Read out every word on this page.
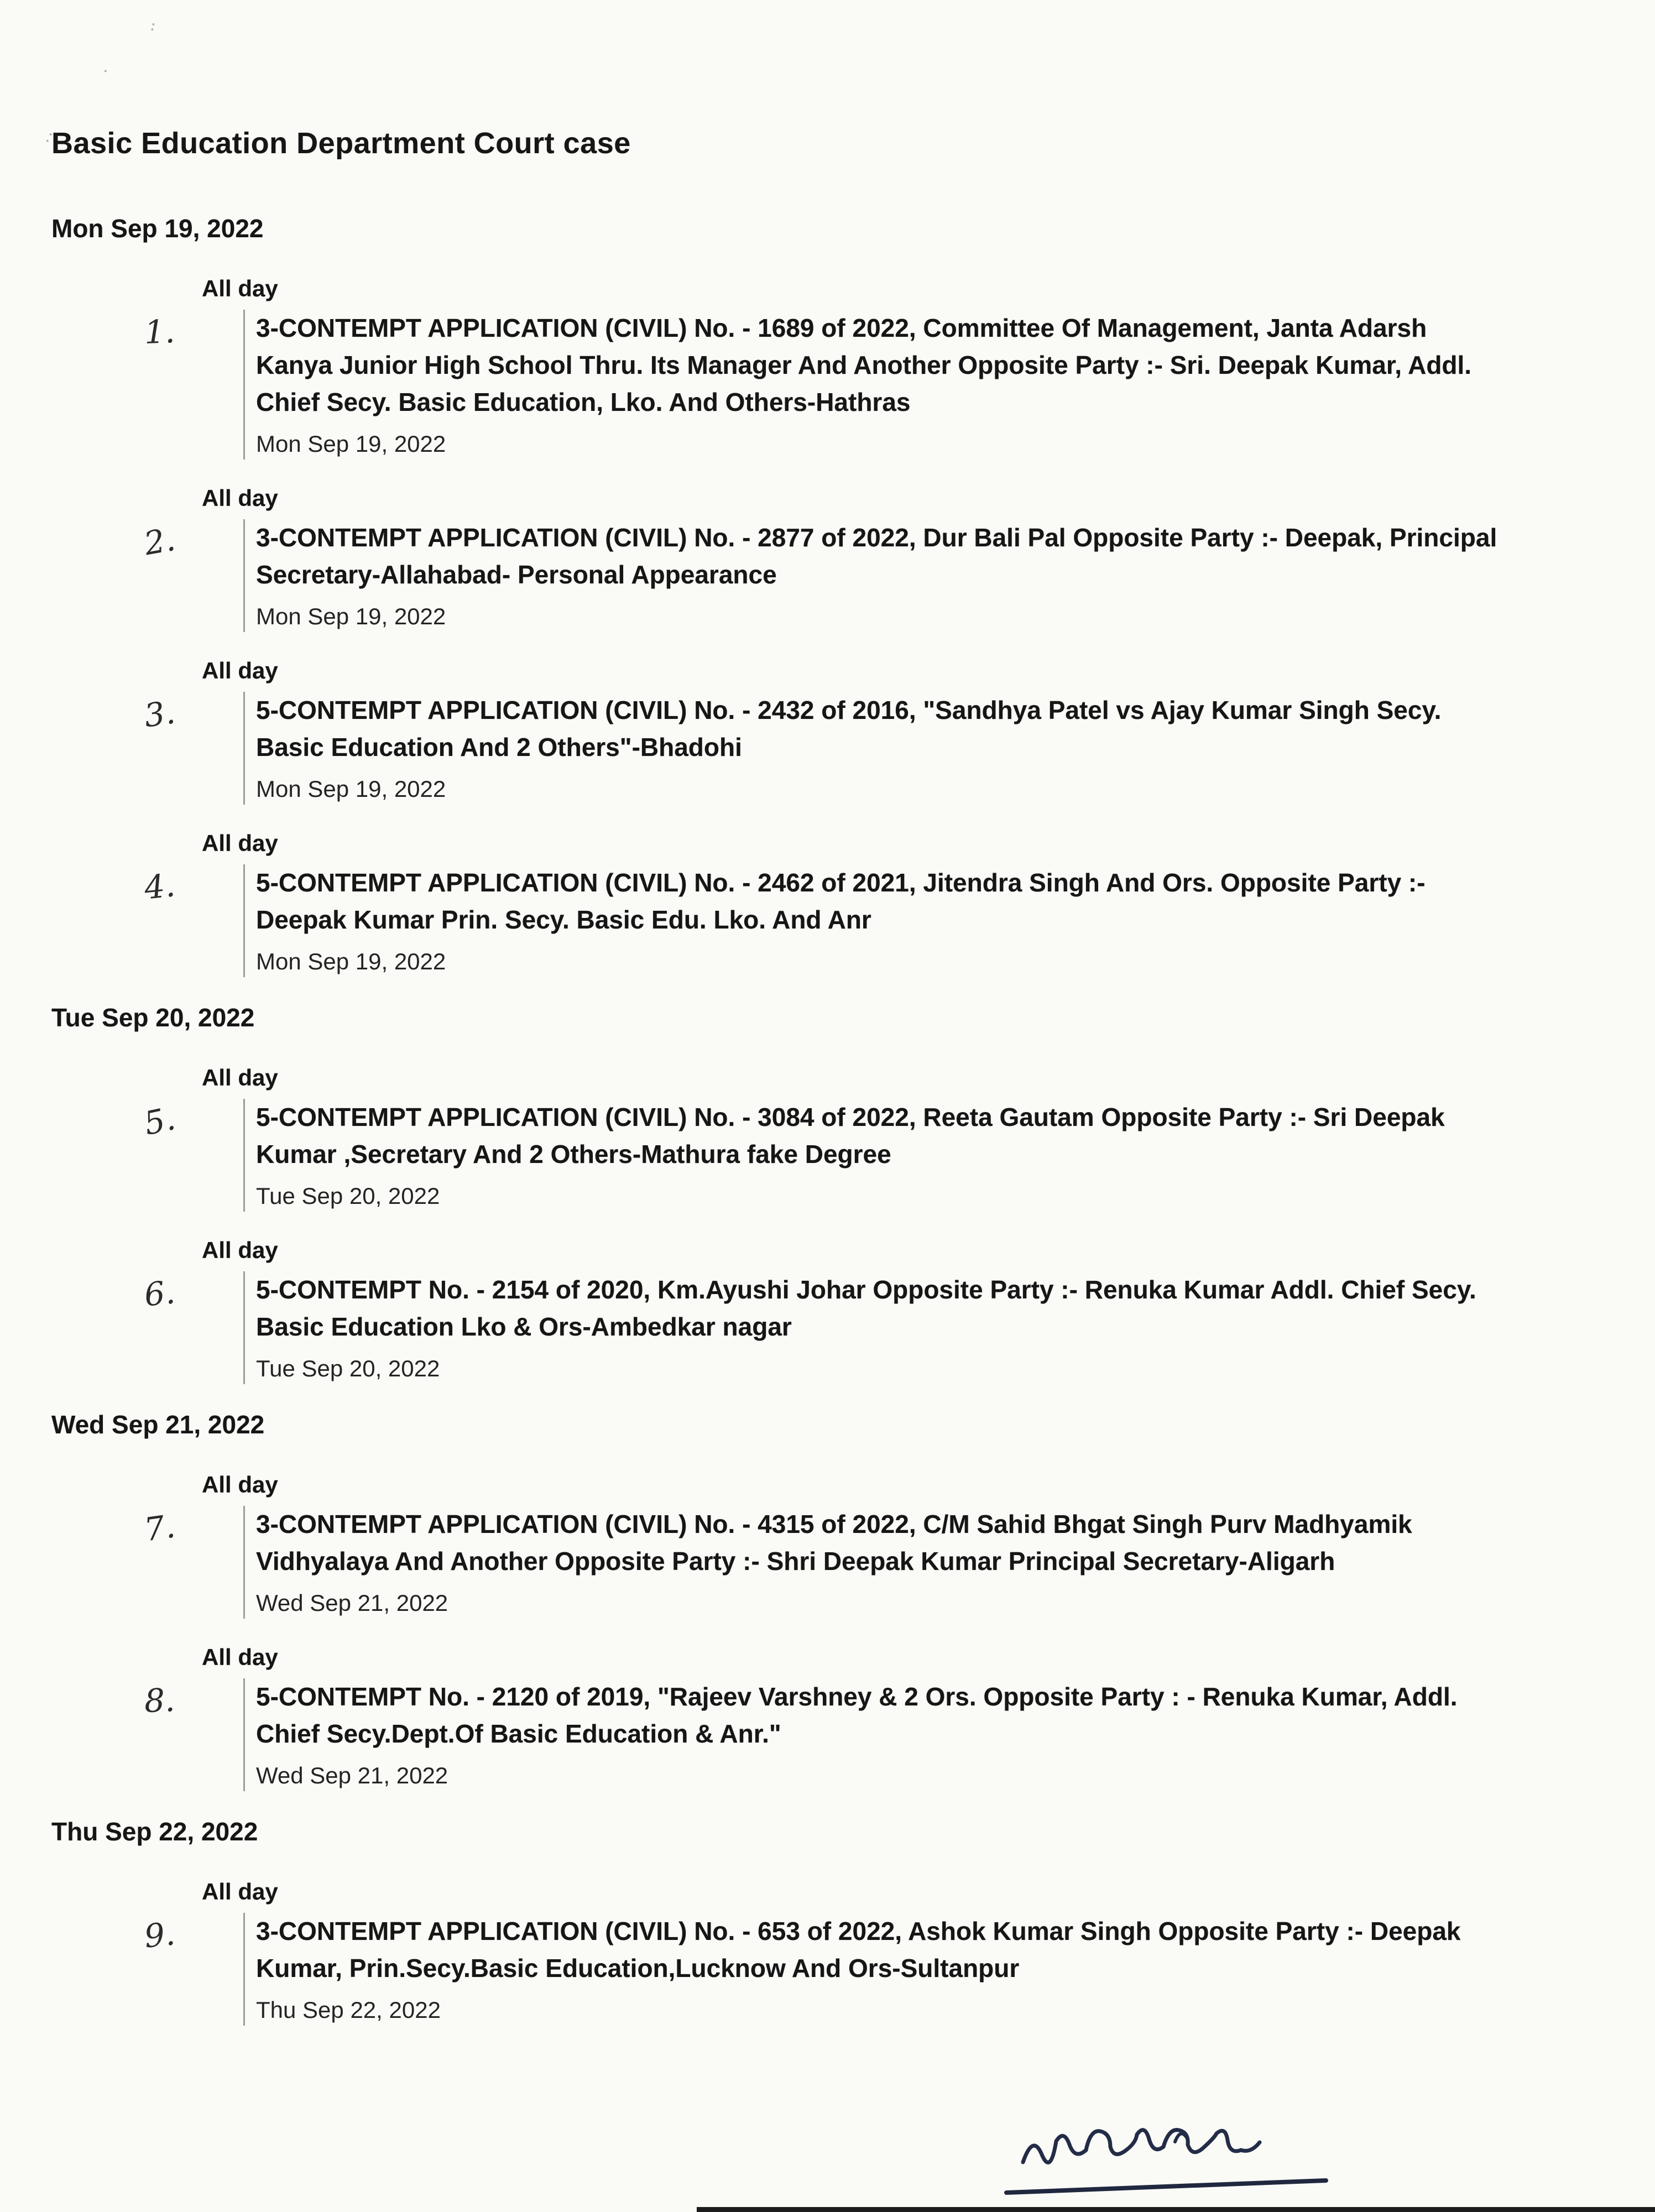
:
·
.·
Basic Education Department Court case
Mon Sep 19, 2022
All day
1.	3-CONTEMPT APPLICATION (CIVIL) No. - 1689 of 2022, Committee Of Management, Janta Adarsh Kanya Junior High School Thru. Its Manager And Another Opposite Party :- Sri. Deepak Kumar, Addl. Chief Secy. Basic Education, Lko. And Others-Hathras
Mon Sep 19, 2022
All day
2.	3-CONTEMPT APPLICATION (CIVIL) No. - 2877 of 2022, Dur Bali Pal Opposite Party :- Deepak, Principal Secretary-Allahabad- Personal Appearance
Mon Sep 19, 2022
All day
3.	5-CONTEMPT APPLICATION (CIVIL) No. - 2432 of 2016, "Sandhya Patel vs Ajay Kumar Singh Secy. Basic Education And 2 Others"-Bhadohi
Mon Sep 19, 2022
All day
4.	5-CONTEMPT APPLICATION (CIVIL) No. - 2462 of 2021, Jitendra Singh And Ors. Opposite Party :- Deepak Kumar Prin. Secy. Basic Edu. Lko. And Anr
Mon Sep 19, 2022
Tue Sep 20, 2022
All day
5.	5-CONTEMPT APPLICATION (CIVIL) No. - 3084 of 2022, Reeta Gautam Opposite Party :- Sri Deepak Kumar ,Secretary And 2 Others-Mathura fake Degree
Tue Sep 20, 2022
All day
6.	5-CONTEMPT No. - 2154 of 2020, Km.Ayushi Johar Opposite Party :- Renuka Kumar Addl. Chief Secy. Basic Education Lko & Ors-Ambedkar nagar
Tue Sep 20, 2022
Wed Sep 21, 2022
All day
7.	3-CONTEMPT APPLICATION (CIVIL) No. - 4315 of 2022, C/M Sahid Bhgat Singh Purv Madhyamik Vidhyalaya And Another Opposite Party :- Shri Deepak Kumar Principal Secretary-Aligarh
Wed Sep 21, 2022
All day
8.	5-CONTEMPT No. - 2120 of 2019, "Rajeev Varshney & 2 Ors. Opposite Party : - Renuka Kumar, Addl. Chief Secy.Dept.Of Basic Education & Anr."
Wed Sep 21, 2022
Thu Sep 22, 2022
All day
9.	3-CONTEMPT APPLICATION (CIVIL) No. - 653 of 2022, Ashok Kumar Singh Opposite Party :- Deepak Kumar, Prin.Secy.Basic Education,Lucknow And Ors-Sultanpur
Thu Sep 22, 2022
